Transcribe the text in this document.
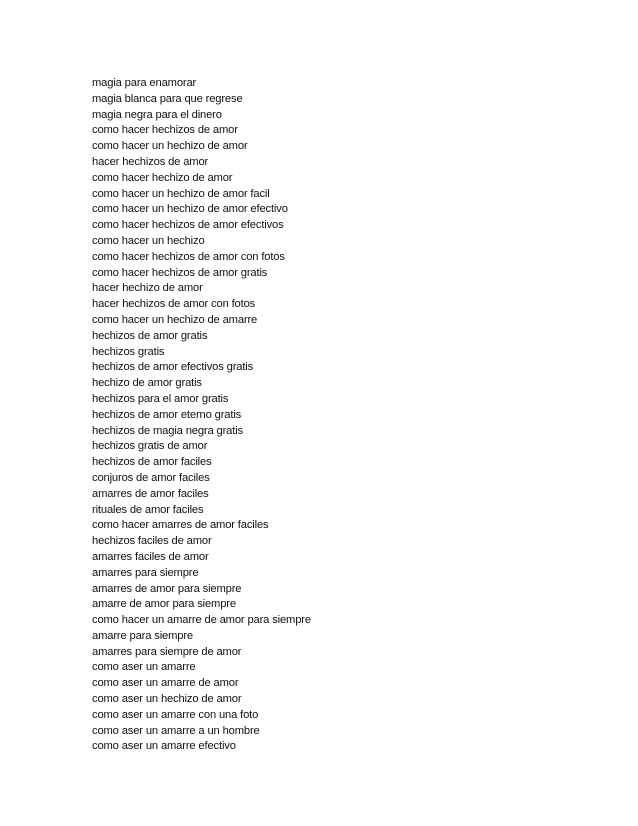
magia para enamorar
magia blanca para que regrese
magia negra para el dinero
como hacer hechizos de amor
como hacer un hechizo de amor
hacer hechizos de amor
como hacer hechizo de amor
como hacer un hechizo de amor facil
como hacer un hechizo de amor efectivo
como hacer hechizos de amor efectivos
como hacer un hechizo
como hacer hechizos de amor con fotos
como hacer hechizos de amor gratis
hacer hechizo de amor
hacer hechizos de amor con fotos
como hacer un hechizo de amarre
hechizos de amor gratis
hechizos gratis
hechizos de amor efectivos gratis
hechizo de amor gratis
hechizos para el amor gratis
hechizos de amor eterno gratis
hechizos de magia negra gratis
hechizos gratis de amor
hechizos de amor faciles
conjuros de amor faciles
amarres de amor faciles
rituales de amor faciles
como hacer amarres de amor faciles
hechizos faciles de amor
amarres faciles de amor
amarres para siempre
amarres de amor para siempre
amarre de amor para siempre
como hacer un amarre de amor para siempre
amarre para siempre
amarres para siempre de amor
como aser un amarre
como aser un amarre de amor
como aser un hechizo de amor
como aser un amarre con una foto
como aser un amarre a un hombre
como aser un amarre efectivo
